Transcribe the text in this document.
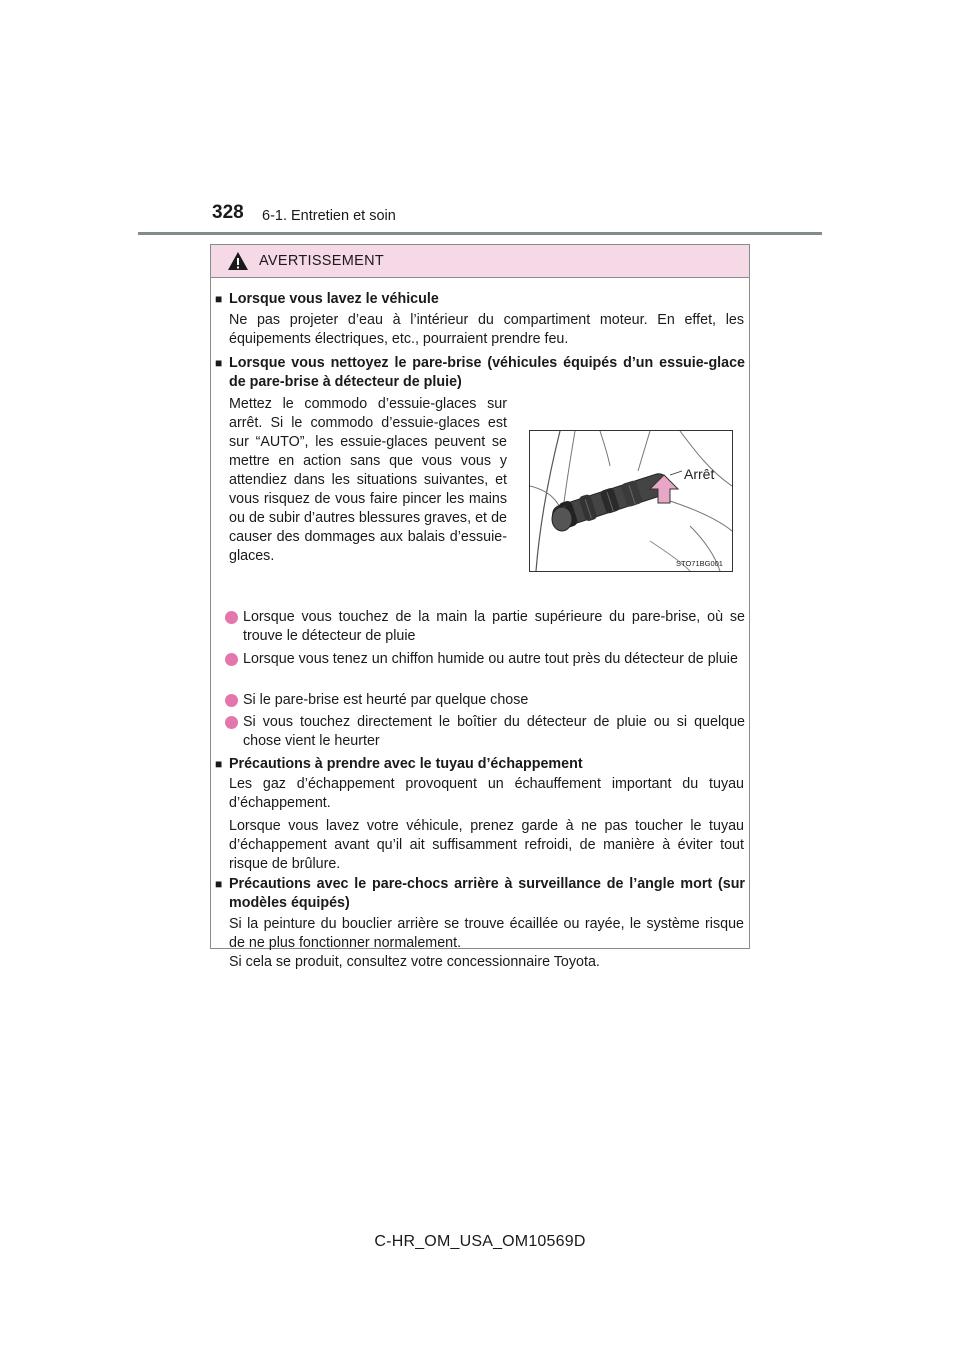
328 6-1. Entretien et soin
AVERTISSEMENT
■ Lorsque vous lavez le véhicule
Ne pas projeter d’eau à l’intérieur du compartiment moteur. En effet, les équipements électriques, etc., pourraient prendre feu.
■ Lorsque vous nettoyez le pare-brise (véhicules équipés d’un essuie-glace de pare-brise à détecteur de pluie)
Mettez le commodo d’essuie-glaces sur arrêt. Si le commodo d’essuie-glaces est sur “AUTO”, les essuie-glaces peuvent se mettre en action sans que vous vous y attendiez dans les situations suivantes, et vous risquez de vous faire pincer les mains ou de subir d’autres blessures graves, et de causer des dommages aux balais d’essuie-glaces.
Arrêt
STO71BG001
Lorsque vous touchez de la main la partie supérieure du pare-brise, où se trouve le détecteur de pluie
Lorsque vous tenez un chiffon humide ou autre tout près du détecteur de pluie
Si le pare-brise est heurté par quelque chose
Si vous touchez directement le boîtier du détecteur de pluie ou si quelque chose vient le heurter
■ Précautions à prendre avec le tuyau d’échappement
Les gaz d’échappement provoquent un échauffement important du tuyau d’échappement.
Lorsque vous lavez votre véhicule, prenez garde à ne pas toucher le tuyau d’échappement avant qu’il ait suffisamment refroidi, de manière à éviter tout risque de brûlure.
■ Précautions avec le pare-chocs arrière à surveillance de l’angle mort (sur modèles équipés)
Si la peinture du bouclier arrière se trouve écaillée ou rayée, le système risque de ne plus fonctionner normalement.
Si cela se produit, consultez votre concessionnaire Toyota.
C-HR_OM_USA_OM10569D
